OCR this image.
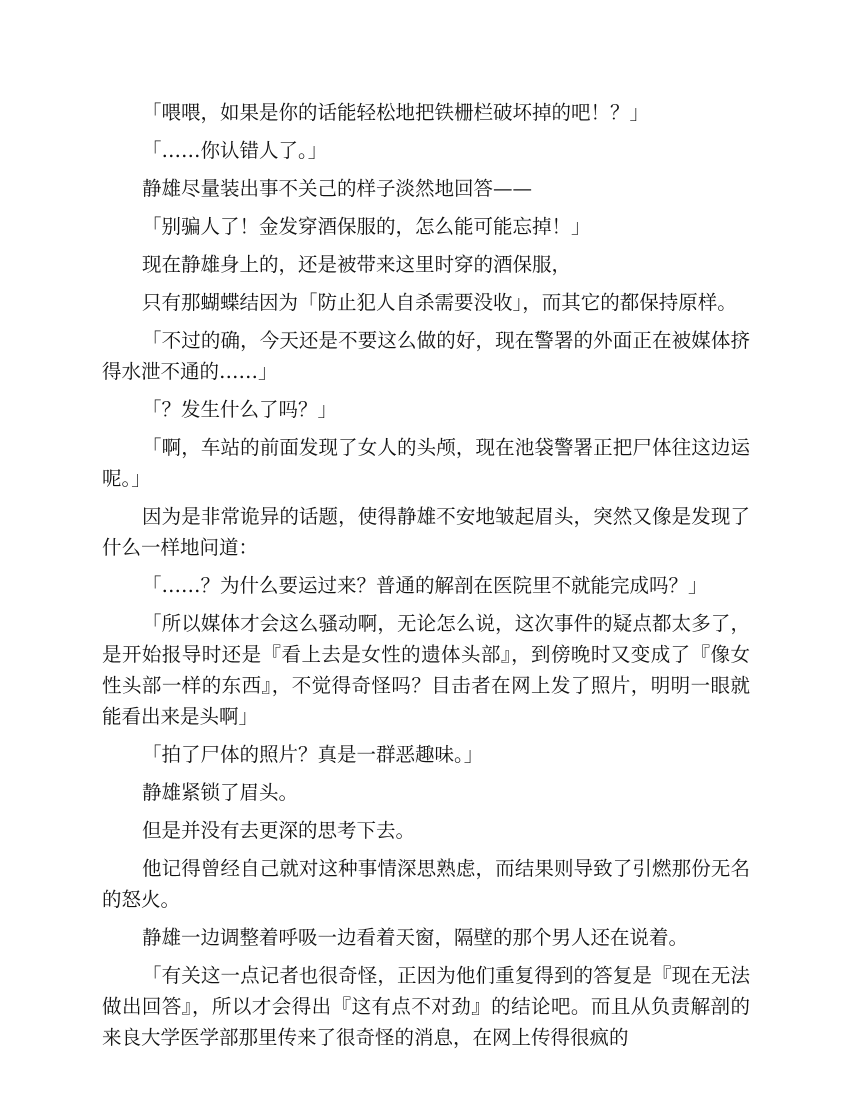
「喂喂，如果是你的话能轻松地把铁栅栏破坏掉的吧！？」

「……你认错人了。」

静雄尽量装出事不关己的样子淡然地回答——

「别骗人了！金发穿酒保服的，怎么能可能忘掉！」

现在静雄身上的，还是被带来这里时穿的酒保服，

只有那蝴蝶结因为「防止犯人自杀需要没收」，而其它的都保持原样。

「不过的确，今天还是不要这么做的好，现在警署的外面正在被媒体挤得水泄不通的……」

「？发生什么了吗？」

「啊，车站的前面发现了女人的头颅，现在池袋警署正把尸体往这边运呢。」

因为是非常诡异的话题，使得静雄不安地皱起眉头，突然又像是发现了什么一样地问道：

「……？为什么要运过来？普通的解剖在医院里不就能完成吗？」

「所以媒体才会这么骚动啊，无论怎么说，这次事件的疑点都太多了，是开始报导时还是『看上去是女性的遗体头部』，到傍晚时又变成了『像女性头部一样的东西』，不觉得奇怪吗？目击者在网上发了照片，明明一眼就能看出来是头啊」

「拍了尸体的照片？真是一群恶趣味。」

静雄紧锁了眉头。

但是并没有去更深的思考下去。

他记得曾经自己就对这种事情深思熟虑，而结果则导致了引燃那份无名的怒火。

静雄一边调整着呼吸一边看着天窗，隔壁的那个男人还在说着。

「有关这一点记者也很奇怪，正因为他们重复得到的答复是『现在无法做出回答』，所以才会得出『这有点不对劲』的结论吧。而且从负责解剖的来良大学医学部那里传来了很奇怪的消息，在网上传得很疯的
